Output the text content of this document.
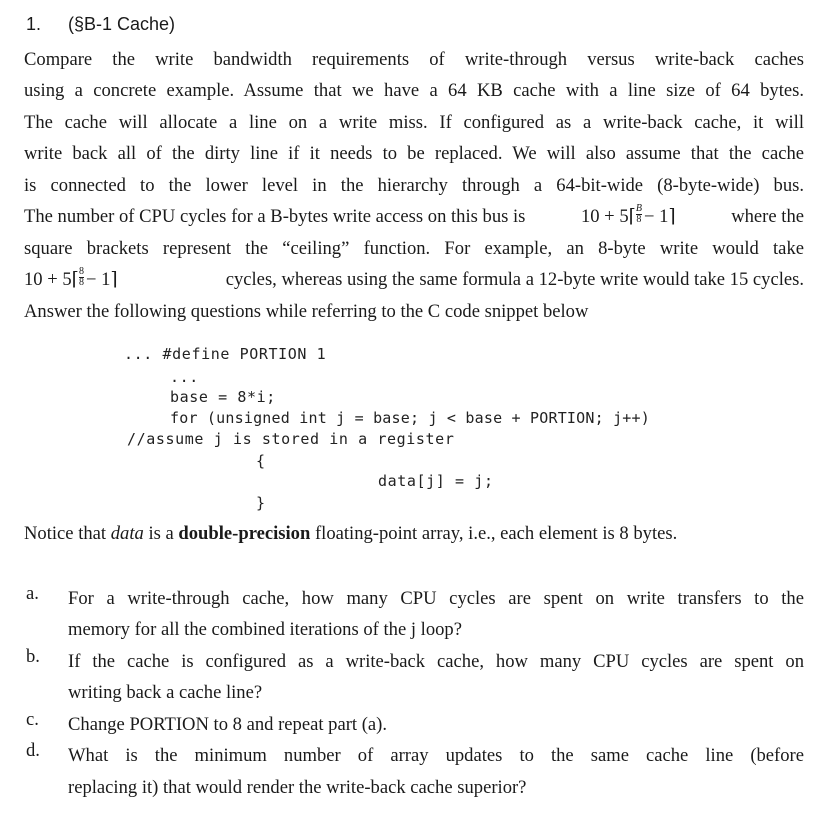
1. (§B-1 Cache)
Compare the write bandwidth requirements of write-through versus write-back caches
using a concrete example. Assume that we have a 64 KB cache with a line size of 64 bytes.
The cache will allocate a line on a write miss. If configured as a write-back cache, it will
write back all of the dirty line if it needs to be replaced. We will also assume that the cache
is connected to the lower level in the hierarchy through a 64-bit-wide (8-byte-wide) bus.
The number of CPU cycles for a B-bytes write access on this bus is	10 + 5⌈ $\frac{B}{8}$ − 1⌉	where the
square brackets represent the “ceiling” function. For example, an 8-byte write would take
10 + 5⌈ $\frac{8}{8}$ − 1⌉	cycles, whereas using the same formula a 12-byte write would take 15 cycles.
Answer the following questions while referring to the C code snippet below
... #define PORTION 1
...
base = 8*i;
for (unsigned int j = base; j < base + PORTION; j++)
//assume j is stored in a register
{
data[j] = j;
}
Notice that data is a double-precision floating-point array, i.e., each element is 8 bytes.
a. For a write-through cache, how many CPU cycles are spent on write transfers to the
memory for all the combined iterations of the j loop?
b. If the cache is configured as a write-back cache, how many CPU cycles are spent on
writing back a cache line?
c. Change PORTION to 8 and repeat part (a).
d. What is the minimum number of array updates to the same cache line (before
replacing it) that would render the write-back cache superior?
